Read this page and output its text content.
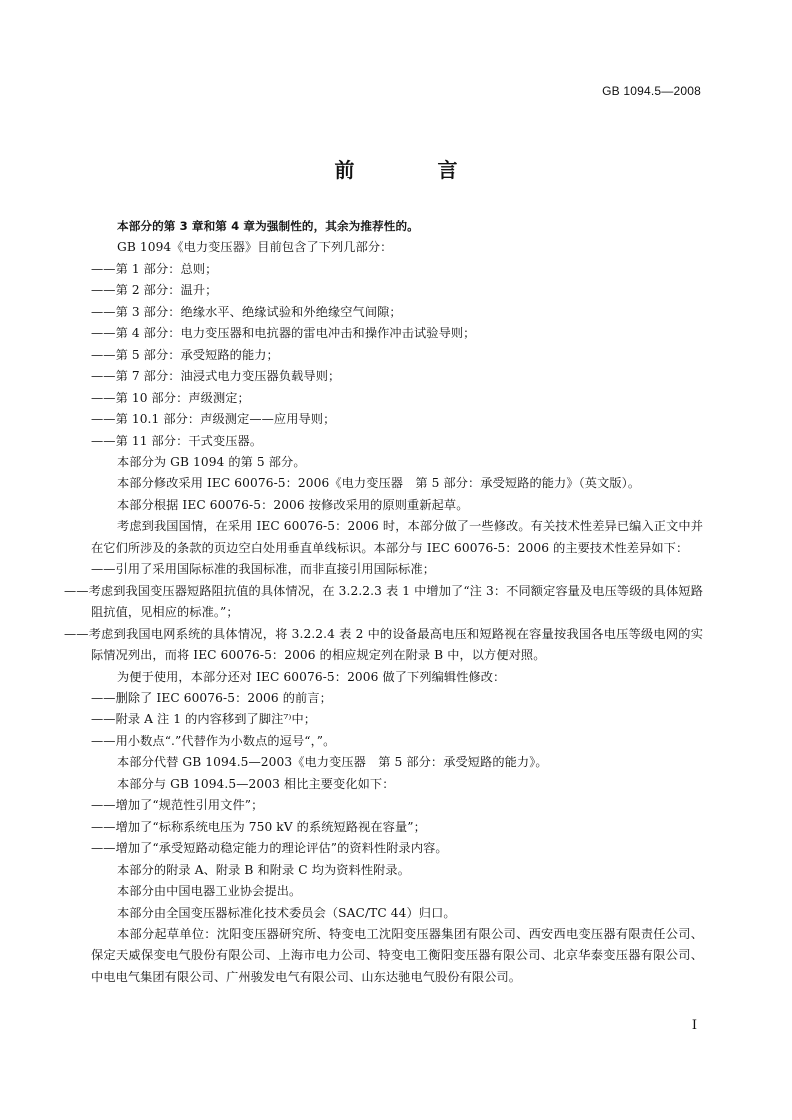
GB 1094.5—2008
前 言

本部分的第 3 章和第 4 章为强制性的，其余为推荐性的。

GB 1094《电力变压器》目前包含了下列几部分：

——第 1 部分：总则；

——第 2 部分：温升；

——第 3 部分：绝缘水平、绝缘试验和外绝缘空气间隙；

——第 4 部分：电力变压器和电抗器的雷电冲击和操作冲击试验导则；

——第 5 部分：承受短路的能力；

——第 7 部分：油浸式电力变压器负载导则；

——第 10 部分：声级测定；

——第 10.1 部分：声级测定——应用导则；

——第 11 部分：干式变压器。

本部分为 GB 1094 的第 5 部分。

本部分修改采用 IEC 60076-5：2006《电力变压器　第 5 部分：承受短路的能力》（英文版）。

本部分根据 IEC 60076-5：2006 按修改采用的原则重新起草。

考虑到我国国情，在采用 IEC 60076-5：2006 时，本部分做了一些修改。有关技术性差异已编入正文中并在它们所涉及的条款的页边空白处用垂直单线标识。本部分与 IEC 60076-5：2006 的主要技术性差异如下：

——引用了采用国际标准的我国标准，而非直接引用国际标准；

——考虑到我国变压器短路阻抗值的具体情况，在 3.2.2.3 表 1 中增加了“注 3：不同额定容量及电压等级的具体短路阻抗值，见相应的标准。”；

——考虑到我国电网系统的具体情况，将 3.2.2.4 表 2 中的设备最高电压和短路视在容量按我国各电压等级电网的实际情况列出，而将 IEC 60076-5：2006 的相应规定列在附录 B 中，以方便对照。

为便于使用，本部分还对 IEC 60076-5：2006 做了下列编辑性修改：

——删除了 IEC 60076-5：2006 的前言；

——附录 A 注 1 的内容移到了脚注⁷⁾中；

——用小数点“.”代替作为小数点的逗号“，”。

本部分代替 GB 1094.5—2003《电力变压器　第 5 部分：承受短路的能力》。

本部分与 GB 1094.5—2003 相比主要变化如下：

——增加了“规范性引用文件”；

——增加了“标称系统电压为 750 kV 的系统短路视在容量”；

——增加了“承受短路动稳定能力的理论评估”的资料性附录内容。

本部分的附录 A、附录 B 和附录 C 均为资料性附录。

本部分由中国电器工业协会提出。

本部分由全国变压器标准化技术委员会（SAC/TC 44）归口。

本部分起草单位：沈阳变压器研究所、特变电工沈阳变压器集团有限公司、西安西电变压器有限责任公司、保定天威保变电气股份有限公司、上海市电力公司、特变电工衡阳变压器有限公司、北京华泰变压器有限公司、中电电气集团有限公司、广州骏发电气有限公司、山东达驰电气股份有限公司。

I
